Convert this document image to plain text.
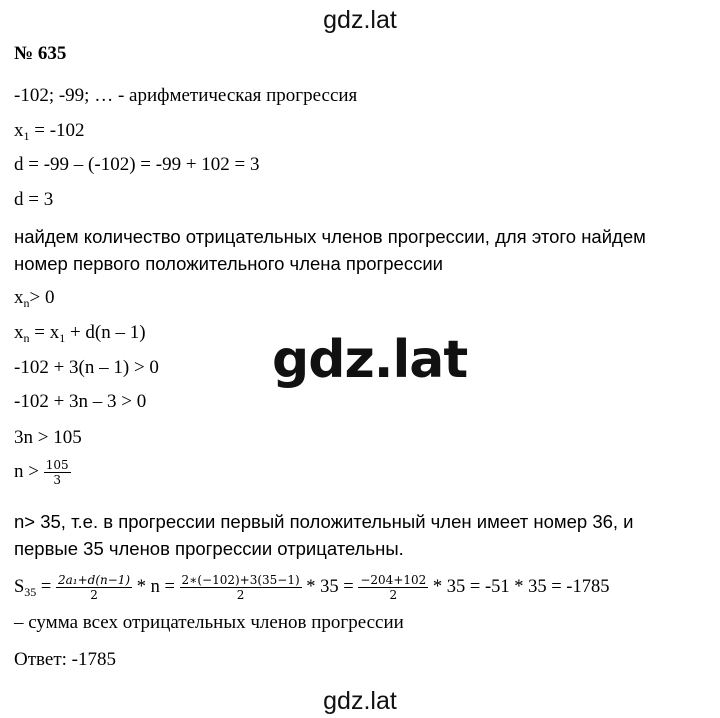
gdz.lat
№ 635
-102; -99; … - арифметическая прогрессия
$x_1 = -102$
d = -99 – (-102) = -99 + 102 = 3
d = 3
найдем количество отрицательных членов прогрессии, для этого найдем
номер первого положительного члена прогрессии
$x_n> 0$
$x_n = x_1 + d(n - 1)$ gdz.lat
-102 + 3(n – 1) > 0
-102 + 3n – 3 > 0
3n > 105
$n > \frac{105}{3}$
n> 35, т.е. в прогрессии первый положительный член имеет номер 36, и
первые 35 членов прогрессии отрицательны.
$S_{35} = \frac{\text{2a₁+d(n−1)}}{2} * n = \frac{2∗(-102)+3(35-1)}{2} * 35 = \frac{-204+102}{2} * 35 = -51 * 35 = -1785$
– сумма всех отрицательных членов прогрессии
Ответ: -1785
gdz.lat
